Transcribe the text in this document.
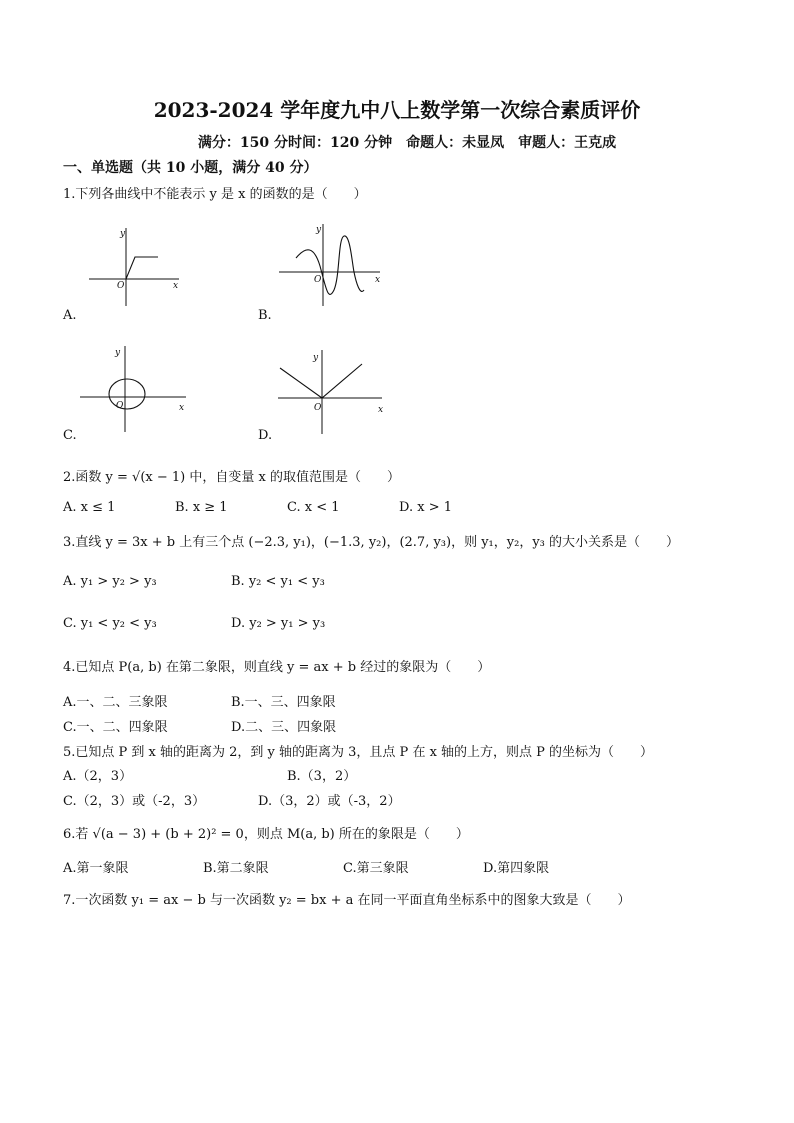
2023-2024 学年度九中八上数学第一次综合素质评价
满分：150 分时间：120 分钟　命题人：未显凤　审题人：王克成
一、单选题（共 10 小题，满分 40 分）
1.下列各曲线中不能表示 y 是 x 的函数的是（　　）
y
x
O
y
x
O
A.	B.
y
x
O
y
x
O
C.	D.
2.函数 y = √(x − 1) 中，自变量 x 的取值范围是（　　）
A. x ≤ 1	B. x ≥ 1	C. x < 1	D. x > 1
3.直线 y = 3x + b 上有三个点 (−2.3, y₁)，(−1.3, y₂)，(2.7, y₃)，则 y₁，y₂，y₃ 的大小关系是（　　）
A. y₁ > y₂ > y₃	B. y₂ < y₁ < y₃
C. y₁ < y₂ < y₃	D. y₂ > y₁ > y₃
4.已知点 P(a, b) 在第二象限，则直线 y = ax + b 经过的象限为（　　）
A.一、二、三象限	B.一、三、四象限
C.一、二、四象限	D.二、三、四象限
5.已知点 P 到 x 轴的距离为 2，到 y 轴的距离为 3，且点 P 在 x 轴的上方，则点 P 的坐标为（　　）
A.（2，3）	B.（3，2）
C.（2，3）或（-2，3）	D.（3，2）或（-3，2）
6.若 √(a − 3) + (b + 2)² = 0，则点 M(a, b) 所在的象限是（　　）
A.第一象限	B.第二象限	C.第三象限	D.第四象限
7.一次函数 y₁ = ax − b 与一次函数 y₂ = bx + a 在同一平面直角坐标系中的图象大致是（　　）
